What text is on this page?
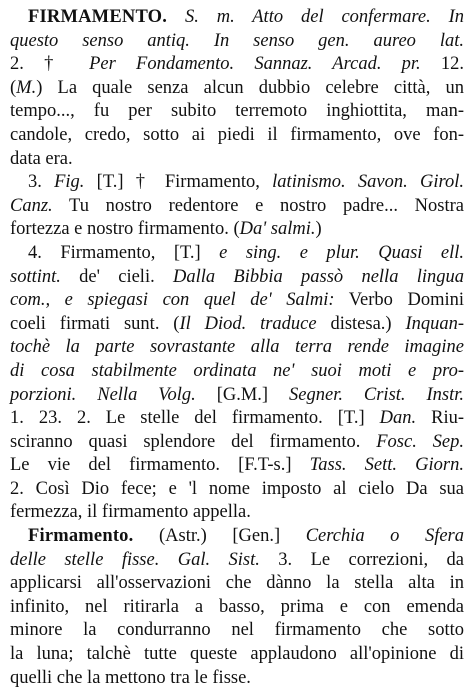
FIRMAMENTO. S. m. Atto del confermare. In
questo senso antiq. In senso gen. aureo lat.
2. † Per Fondamento. Sannaz. Arcad. pr. 12.
(M.) La quale senza alcun dubbio celebre città, un
tempo..., fu per subito terremoto inghiottita, man-
candole, credo, sotto ai piedi il firmamento, ove fon-
data era.
3. Fig. [T.] † Firmamento, latinismo. Savon. Girol.
Canz. Tu nostro redentore e nostro padre... Nostra
fortezza e nostro firmamento. (Da' salmi.)
4. Firmamento, [T.] e sing. e plur. Quasi ell.
sottint. de' cieli. Dalla Bibbia passò nella lingua
com., e spiegasi con quel de' Salmi: Verbo Domini
coeli firmati sunt. (Il Diod. traduce distesa.) Inquan-
tochè la parte sovrastante alla terra rende imagine
di cosa stabilmente ordinata ne' suoi moti e pro-
porzioni. Nella Volg. [G.M.] Segner. Crist. Instr.
1. 23. 2. Le stelle del firmamento. [T.] Dan. Riu-
sciranno quasi splendore del firmamento. Fosc. Sep.
Le vie del firmamento. [F.T-s.] Tass. Sett. Giorn.
2. Così Dio fece; e 'l nome imposto al cielo Da sua
fermezza, il firmamento appella.
Firmamento. (Astr.) [Gen.] Cerchia o Sfera
delle stelle fisse. Gal. Sist. 3. Le correzioni, da
applicarsi all'osservazioni che dànno la stella alta in
infinito, nel ritirarla a basso, prima e con emenda
minore la condurranno nel firmamento che sotto
la luna; talchè tutte queste applaudono all'opinione di
quelli che la mettono tra le fisse.
